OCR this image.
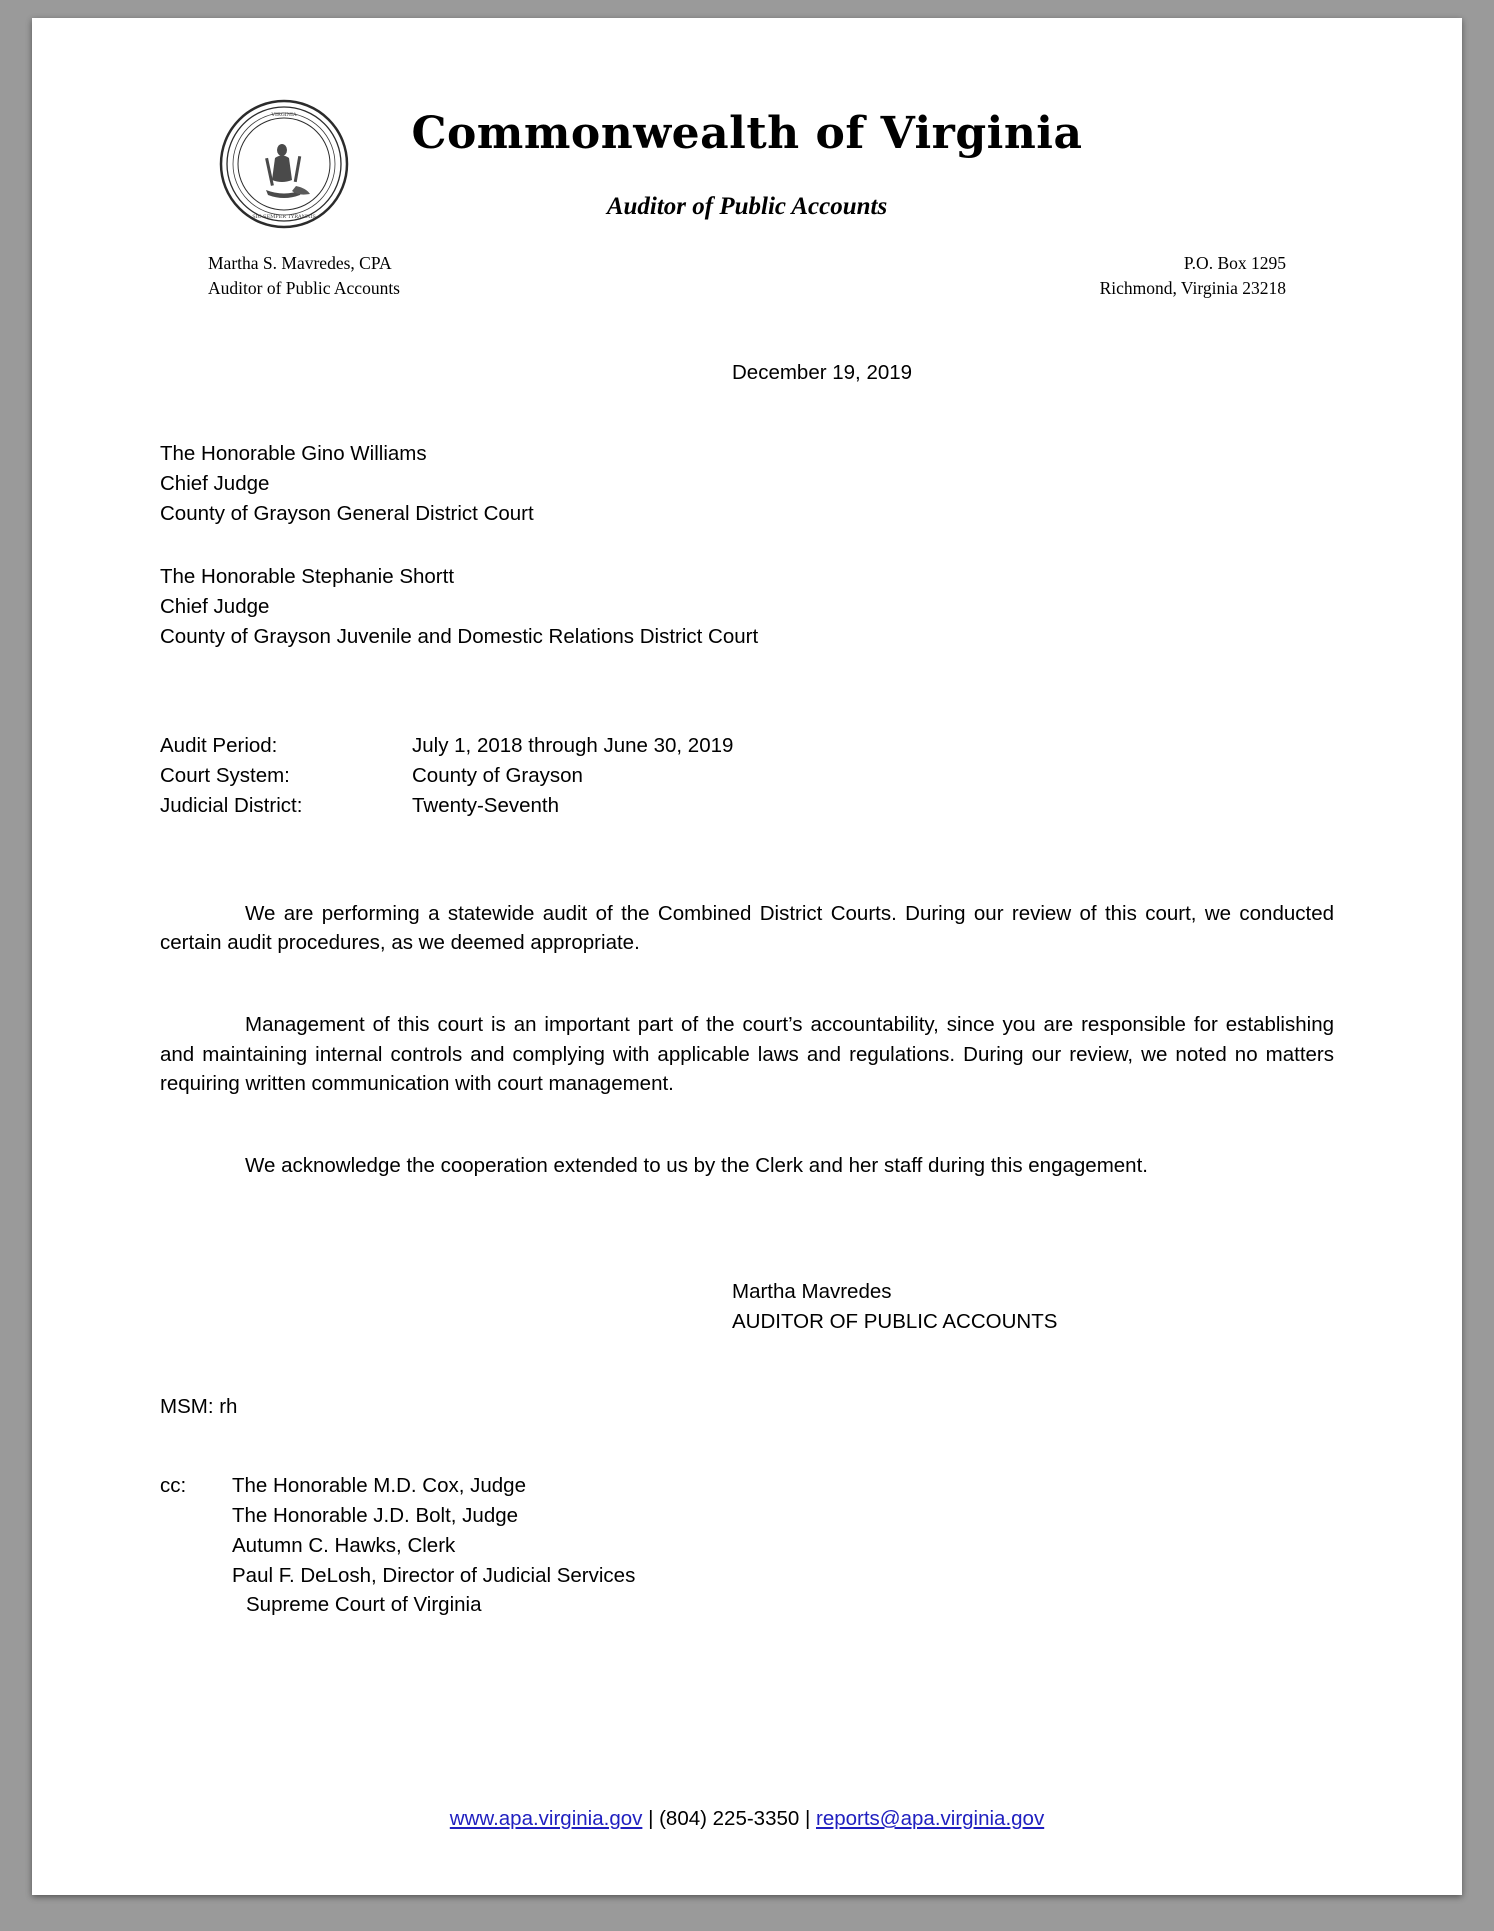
VIRGINIA
SIC SEMPER TYRANNIS
Commonwealth of Virginia
Auditor of Public Accounts
Martha S. Mavredes, CPA
Auditor of Public Accounts
P.O. Box 1295
Richmond, Virginia 23218
December 19, 2019
The Honorable Gino Williams
Chief Judge
County of Grayson General District Court
The Honorable Stephanie Shortt
Chief Judge
County of Grayson Juvenile and Domestic Relations District Court
Audit Period:	July 1, 2018 through June 30, 2019
Court System:	County of Grayson
Judicial District:	Twenty-Seventh

We are performing a statewide audit of the Combined District Courts. During our review of this court, we conducted certain audit procedures, as we deemed appropriate.

Management of this court is an important part of the court’s accountability, since you are responsible for establishing and maintaining internal controls and complying with applicable laws and regulations. During our review, we noted no matters requiring written communication with court management.

We acknowledge the cooperation extended to us by the Clerk and her staff during this engagement.

Martha Mavredes
AUDITOR OF PUBLIC ACCOUNTS
MSM: rh
cc:	The Honorable M.D. Cox, Judge
The Honorable J.D. Bolt, Judge
Autumn C. Hawks, Clerk
Paul F. DeLosh, Director of Judicial Services
Supreme Court of Virginia
www.apa.virginia.gov | (804) 225-3350 | reports@apa.virginia.gov
